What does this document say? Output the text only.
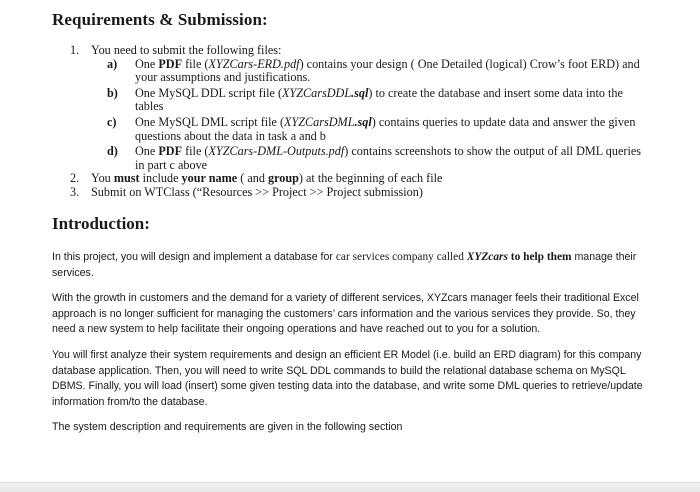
Requirements & Submission:
1. You need to submit the following files:
a) One PDF file (XYZCars-ERD.pdf) contains your design ( One Detailed (logical) Crow’s foot ERD) and your assumptions and justifications.
b) One MySQL DDL script file (XYZCarsDDL.sql) to create the database and insert some data into the tables
c) One MySQL DML script file (XYZCarsDML.sql) contains queries to update data and answer the given questions about the data in task a and b
d) One PDF file (XYZCars-DML-Outputs.pdf) contains screenshots to show the output of all DML queries in part c above
2. You must include your name ( and group) at the beginning of each file
3. Submit on WTClass (“Resources >> Project >> Project submission)
Introduction:

In this project, you will design and implement a database for car services company called XYZcars to help them manage their services.

With the growth in customers and the demand for a variety of different services, XYZcars manager feels their traditional Excel approach is no longer sufficient for managing the customers’ cars information and the various services they provide. So, they need a new system to help facilitate their ongoing operations and have reached out to you for a solution.

You will first analyze their system requirements and design an efficient ER Model (i.e. build an ERD diagram) for this company database application. Then, you will need to write SQL DDL commands to build the relational database schema on MySQL DBMS. Finally, you will load (insert) some given testing data into the database, and write some DML queries to retrieve/update information from/to the database.

The system description and requirements are given in the following section
